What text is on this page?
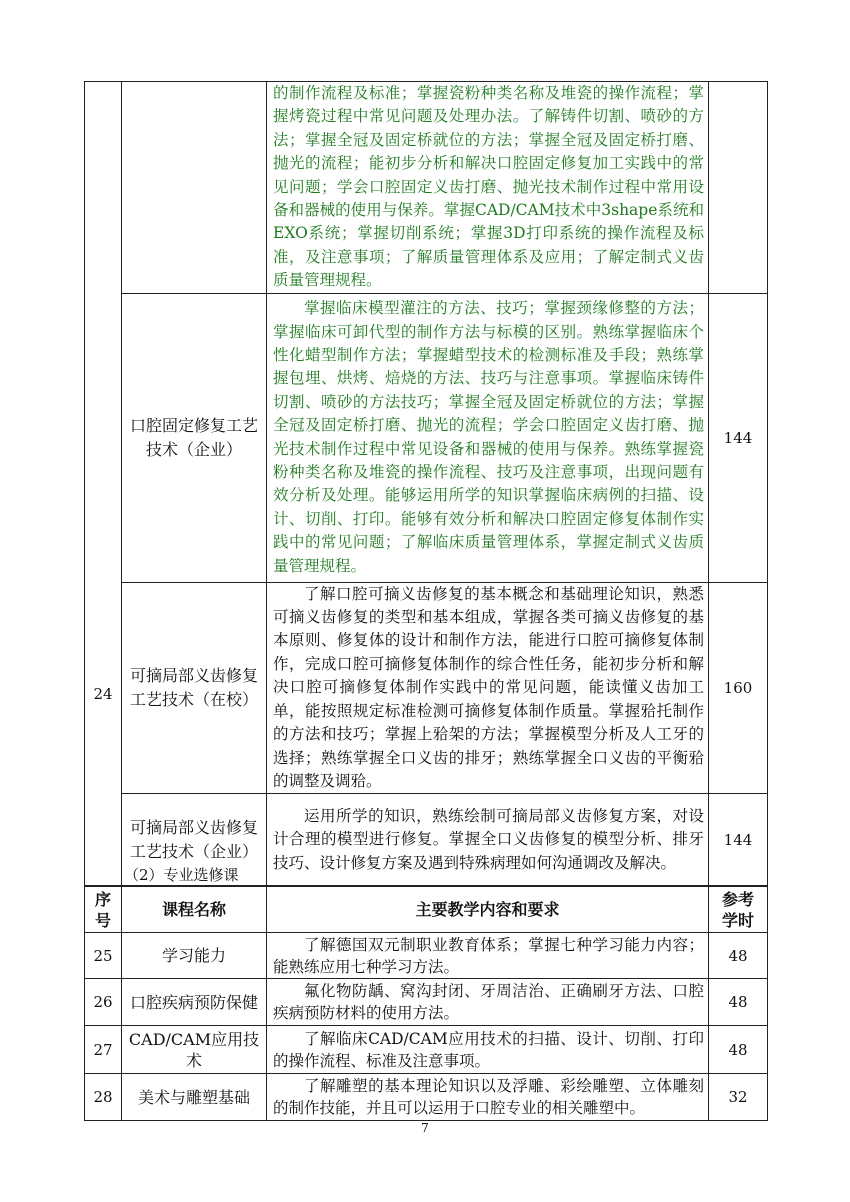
24		的制作流程及标准；掌握瓷粉种类名称及堆瓷的操作流程；掌握烤瓷过程中常见问题及处理办法。了解铸件切割、喷砂的方法；掌握全冠及固定桥就位的方法；掌握全冠及固定桥打磨、抛光的流程；能初步分析和解决口腔固定修复加工实践中的常见问题；学会口腔固定义齿打磨、抛光技术制作过程中常用设备和器械的使用与保养。掌握CAD/CAM技术中3shape系统和EXO系统；掌握切削系统；掌握3D打印系统的操作流程及标准，及注意事项；了解质量管理体系及应用；了解定制式义齿质量管理规程。	
	口腔固定修复工艺技术（企业）	掌握临床模型灌注的方法、技巧；掌握颈缘修整的方法；掌握临床可卸代型的制作方法与标模的区别。熟练掌握临床个性化蜡型制作方法；掌握蜡型技术的检测标准及手段；熟练掌握包埋、烘烤、焙烧的方法、技巧与注意事项。掌握临床铸件切割、喷砂的方法技巧；掌握全冠及固定桥就位的方法；掌握全冠及固定桥打磨、抛光的流程；学会口腔固定义齿打磨、抛光技术制作过程中常见设备和器械的使用与保养。熟练掌握瓷粉种类名称及堆瓷的操作流程、技巧及注意事项，出现问题有效分析及处理。能够运用所学的知识掌握临床病例的扫描、设计、切削、打印。能够有效分析和解决口腔固定修复体制作实践中的常见问题；了解临床质量管理体系，掌握定制式义齿质量管理规程。	144
	可摘局部义齿修复工艺技术（在校）	了解口腔可摘义齿修复的基本概念和基础理论知识，熟悉可摘义齿修复的类型和基本组成，掌握各类可摘义齿修复的基本原则、修复体的设计和制作方法，能进行口腔可摘修复体制作，完成口腔可摘修复体制作的综合性任务，能初步分析和解决口腔可摘修复体制作实践中的常见问题，能读懂义齿加工单，能按照规定标准检测可摘修复体制作质量。掌握𬌗托制作的方法和技巧；掌握上𬌗架的方法；掌握模型分析及人工牙的选择；熟练掌握全口义齿的排牙；熟练掌握全口义齿的平衡𬌗的调整及调𬌗。	160
	可摘局部义齿修复工艺技术（企业）	运用所学的知识，熟练绘制可摘局部义齿修复方案，对设计合理的模型进行修复。掌握全口义齿修复的模型分析、排牙技巧、设计修复方案及遇到特殊病理如何沟通调改及解决。	144
（2）专业选修课
序号	课程名称	主要教学内容和要求	参考学时
25	学习能力	了解德国双元制职业教育体系；掌握七种学习能力内容；能熟练应用七种学习方法。	48
26	口腔疾病预防保健	氟化物防龋、窝沟封闭、牙周洁治、正确刷牙方法、口腔疾病预防材料的使用方法。	48
27	CAD/CAM应用技术	了解临床CAD/CAM应用技术的扫描、设计、切削、打印的操作流程、标准及注意事项。	48
28	美术与雕塑基础	了解雕塑的基本理论知识以及浮雕、彩绘雕塑、立体雕刻的制作技能，并且可以运用于口腔专业的相关雕塑中。	32
7
